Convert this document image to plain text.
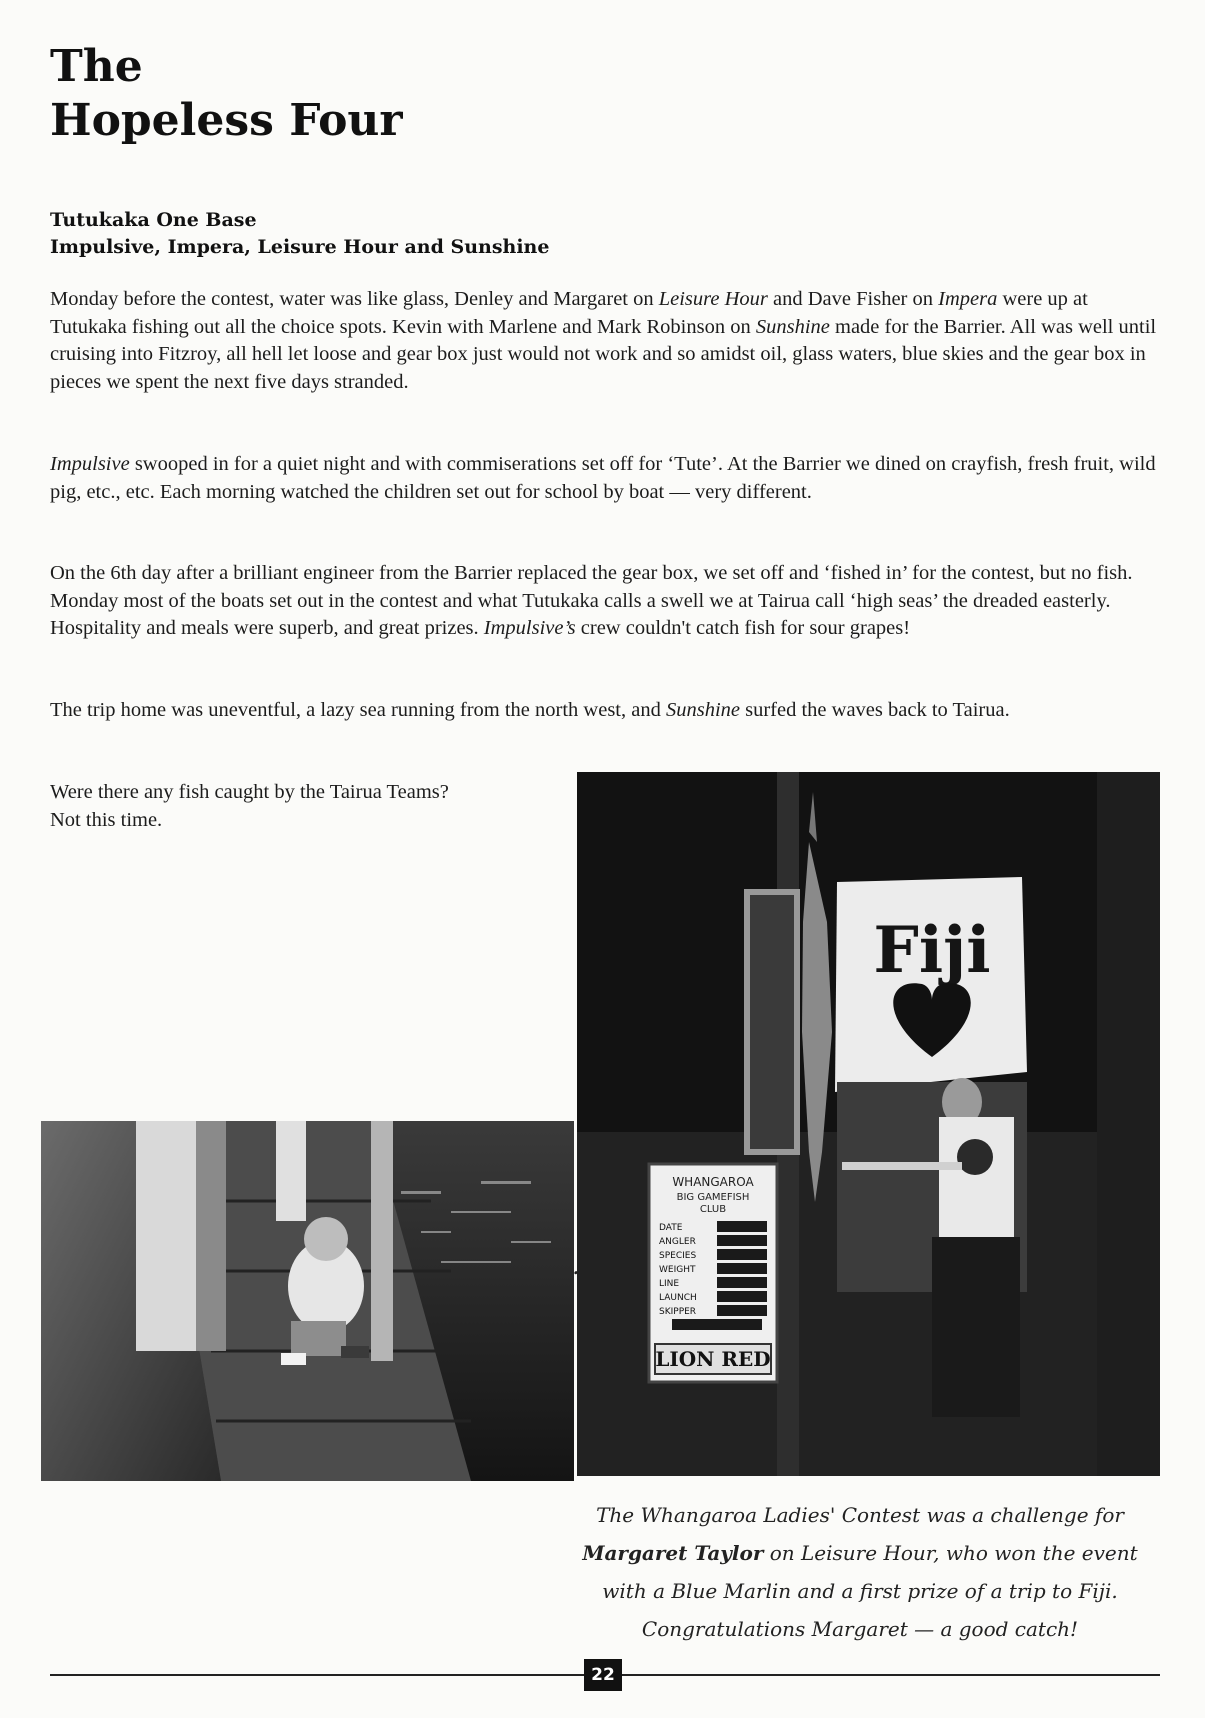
The
Hopeless Four
Tutukaka One Base
Impulsive, Impera, Leisure Hour and Sunshine

Monday before the contest, water was like glass, Denley and Margaret on Leisure Hour and Dave Fisher on Impera were up at Tutukaka fishing out all the choice spots. Kevin with Marlene and Mark Robinson on Sunshine made for the Barrier. All was well until cruising into Fitzroy, all hell let loose and gear box just would not work and so amidst oil, glass waters, blue skies and the gear box in pieces we spent the next five days stranded.

Impulsive swooped in for a quiet night and with commiserations set off for ‘Tute’. At the Barrier we dined on crayfish, fresh fruit, wild pig, etc., etc. Each morning watched the children set out for school by boat — very different.

On the 6th day after a brilliant engineer from the Barrier replaced the gear box, we set off and ‘fished in’ for the contest, but no fish. Monday most of the boats set out in the contest and what Tutukaka calls a swell we at Tairua call ‘high seas’ the dreaded easterly. Hospitality and meals were superb, and great prizes. Impulsive’s crew couldn't catch fish for sour grapes!

The trip home was uneventful, a lazy sea running from the north west, and Sunshine surfed the waves back to Tairua.

Were there any fish caught by the Tairua Teams?

Not this time.

Fiji
WHANGAROA
BIG GAMEFISH
CLUB
DATE
ANGLER
SPECIES
WEIGHT
LINE
LAUNCH
SKIPPER
LION RED
The Whangaroa Ladies' Contest was a challenge for
Margaret Taylor on Leisure Hour, who won the event
with a Blue Marlin and a first prize of a trip to Fiji.
Congratulations Margaret — a good catch!
22
